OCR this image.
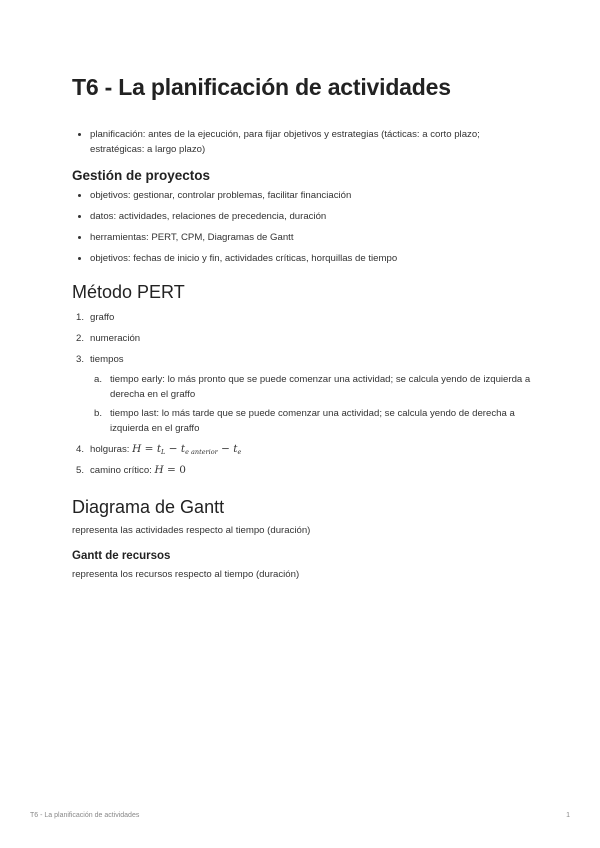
T6 - La planificación de actividades
planificación: antes de la ejecución, para fijar objetivos y estrategias (tácticas: a corto plazo; estratégicas: a largo plazo)
Gestión de proyectos
objetivos: gestionar, controlar problemas, facilitar financiación
datos: actividades, relaciones de precedencia, duración
herramientas: PERT, CPM, Diagramas de Gantt
objetivos: fechas de inicio y fin, actividades críticas, horquillas de tiempo
Método PERT
1. graffo
2. numeración
3. tiempos
a. tiempo early: lo más pronto que se puede comenzar una actividad; se calcula yendo de izquierda a derecha en el graffo
b. tiempo last: lo más tarde que se puede comenzar una actividad; se calcula yendo de derecha a izquierda en el graffo
4. holguras: $H = t_L - t_{e anterior} - t_e$
5. camino crítico: H = 0
Diagrama de Gantt
representa las actividades respecto al tiempo (duración)
Gantt de recursos
representa los recursos respecto al tiempo (duración)
T6 - La planificación de actividades	1
